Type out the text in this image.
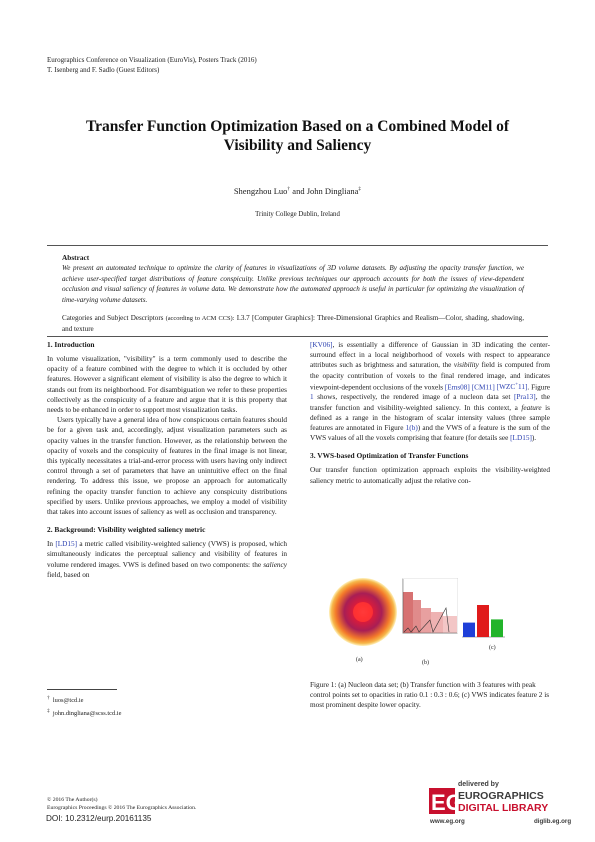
Eurographics Conference on Visualization (EuroVis), Posters Track (2016)
T. Isenberg and F. Sadlo (Guest Editors)
Transfer Function Optimization Based on a Combined Model of
Visibility and Saliency
Shengzhou Luo† and John Dingliana‡
Trinity College Dublin, Ireland
Abstract
We present an automated technique to optimize the clarity of features in visualizations of 3D volume datasets. By adjusting the opacity transfer function, we achieve user-specified target distributions of feature conspicuity. Unlike previous techniques our approach accounts for both the issues of view-dependent occlusion and visual saliency of features in volume data. We demonstrate how the automated approach is useful in particular for optimizing the visualization of time-varying volume datasets.
Categories and Subject Descriptors (according to ACM CCS): I.3.7 [Computer Graphics]: Three-Dimensional Graphics and Realism—Color, shading, shadowing, and texture
1. Introduction

In volume visualization, "visibility" is a term commonly used to describe the opacity of a feature combined with the degree to which it is occluded by other features. However a significant element of visibility is also the degree to which it stands out from its neighborhood. For disambiguation we refer to these properties collectively as the conspicuity of a feature and argue that it is this property that needs to be enhanced in order to support most visualization tasks.

Users typically have a general idea of how conspicuous certain features should be for a given task and, accordingly, adjust visualization parameters such as opacity values in the transfer function. However, as the relationship between the opacity of voxels and the conspicuity of features in the final image is not linear, this typically necessitates a trial-and-error process with users having only indirect control through a set of parameters that have an unintuitive effect on the final rendering. To address this issue, we propose an approach for automatically refining the opacity transfer function to achieve any conspicuity distributions specified by users. Unlike previous approaches, we employ a model of visibility that takes into account issues of saliency as well as occlusion and transparency.

2. Background: Visibility weighted saliency metric

In [LD15] a metric called visibility-weighted saliency (VWS) is proposed, which simultaneously indicates the perceptual saliency and visibility of features in volume rendered images. VWS is defined based on two components: the saliency field, based on

† luos@tcd.ie
‡ john.dingliana@scss.tcd.ie
© 2016 The Author(s)
Eurographics Proceedings © 2016 The Eurographics Association.
DOI: 10.2312/eurp.20161135

[KV06], is essentially a difference of Gaussian in 3D indicating the center-surround effect in a local neighborhood of voxels with respect to appearance attributes such as brightness and saturation, the visibility field is computed from the opacity contribution of voxels to the final rendered image, and indicates viewpoint-dependent occlusions of the voxels [Ems08] [CM11] [WZC+11]. Figure 1 shows, respectively, the rendered image of a nucleon data set [Pra13], the transfer function and visibility-weighted saliency. In this context, a feature is defined as a range in the histogram of scalar intensity values (three sample features are annotated in Figure 1(b)) and the VWS of a feature is the sum of the VWS values of all the voxels comprising that feature (for details see [LD15]).

3. VWS-based Optimization of Transfer Functions

Our transfer function optimization approach exploits the visibility-weighted saliency metric to automatically adjust the relative con-

(a)	(b)
(c)
Figure 1: (a) Nucleon data set; (b) Transfer function with 3 features with peak control points set to opacities in ratio 0.1 : 0.3 : 0.6; (c) VWS indicates feature 2 is most prominent despite lower opacity.
delivered by
EG
EUROGRAPHICS
DIGITAL LIBRARY
www.eg.org	diglib.eg.org
